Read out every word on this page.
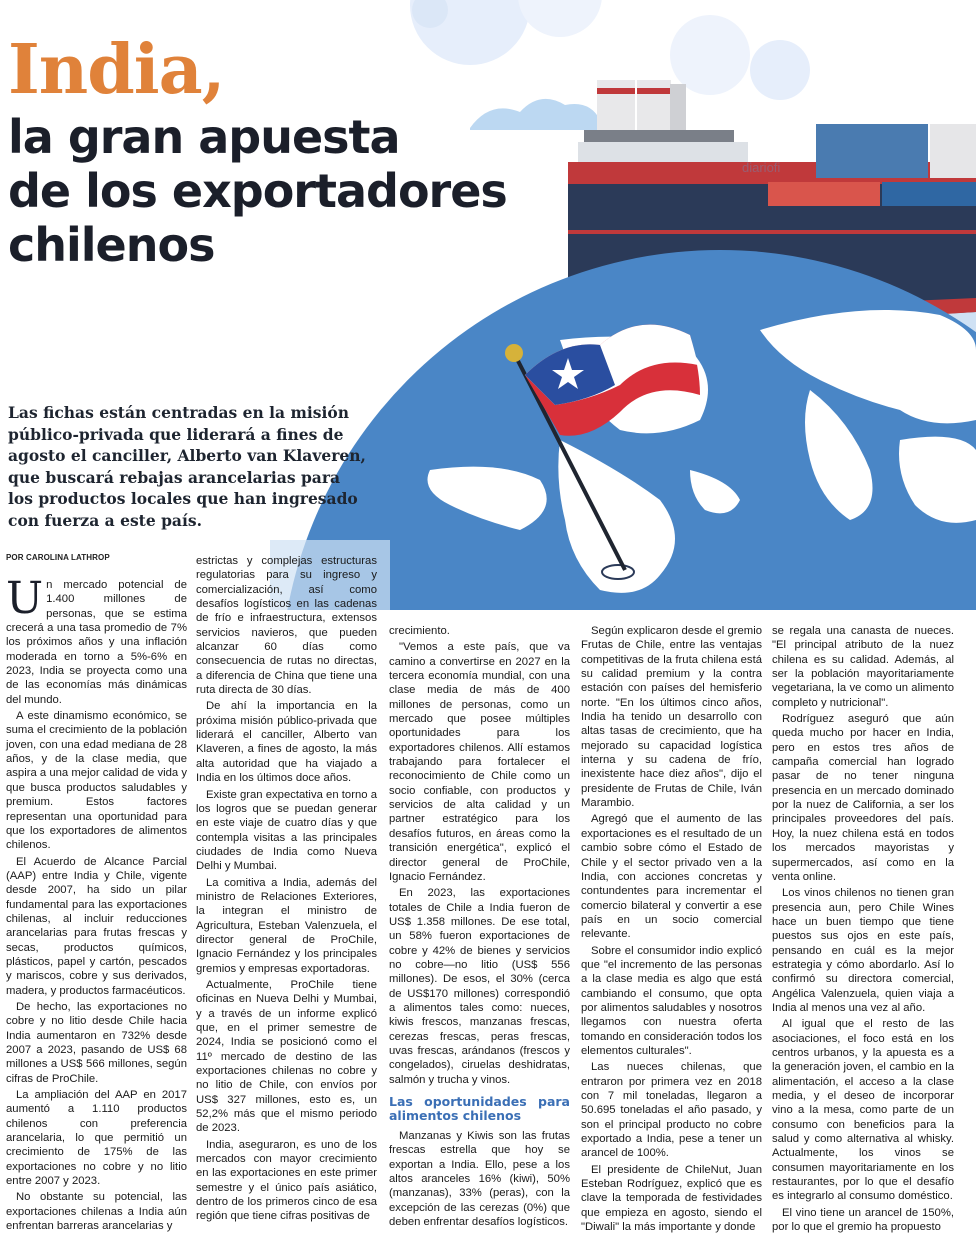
diariofi
India,
la gran apuesta
de los exportadores
chilenos

Las fichas están centradas en la misión público-privada que liderará a fines de agosto el canciller, Alberto van Klaveren, que buscará rebajas arancelarias para los productos locales que han ingresado con fuerza a este país.

POR CAROLINA LATHROP

Un mercado potencial de 1.400 millones de personas, que se estima crecerá a una tasa promedio de 7% los próximos años y una inflación moderada en torno a 5%-6% en 2023, India se proyecta como una de las economías más dinámicas del mundo.

A este dinamismo económico, se suma el crecimiento de la población joven, con una edad mediana de 28 años, y de la clase media, que aspira a una mejor calidad de vida y que busca productos saludables y premium. Estos factores representan una oportunidad para que los exportadores de alimentos chilenos.

El Acuerdo de Alcance Parcial (AAP) entre India y Chile, vigente desde 2007, ha sido un pilar fundamental para las exportaciones chilenas, al incluir reducciones arancelarias para frutas frescas y secas, productos químicos, plásticos, papel y cartón, pescados y mariscos, cobre y sus derivados, madera, y productos farmacéuticos.

De hecho, las exportaciones no cobre y no litio desde Chile hacia India aumentaron en 732% desde 2007 a 2023, pasando de US$ 68 millones a US$ 566 millones, según cifras de ProChile.

La ampliación del AAP en 2017 aumentó a 1.110 productos chilenos con preferencia arancelaria, lo que permitió un crecimiento de 175% de las exportaciones no cobre y no litio entre 2007 y 2023.

No obstante su potencial, las exportaciones chilenas a India aún enfrentan barreras arancelarias y

estrictas y complejas estructuras regulatorias para su ingreso y comercialización, así como desafíos logísticos en las cadenas de frío e infraestructura, extensos servicios navieros, que pueden alcanzar 60 días como consecuencia de rutas no directas, a diferencia de China que tiene una ruta directa de 30 días.

De ahí la importancia en la próxima misión público-privada que liderará el canciller, Alberto van Klaveren, a fines de agosto, la más alta autoridad que ha viajado a India en los últimos doce años.

Existe gran expectativa en torno a los logros que se puedan generar en este viaje de cuatro días y que contempla visitas a las principales ciudades de India como Nueva Delhi y Mumbai.

La comitiva a India, además del ministro de Relaciones Exteriores, la integran el ministro de Agricultura, Esteban Valenzuela, el director general de ProChile, Ignacio Fernández y los principales gremios y empresas exportadoras.

Actualmente, ProChile tiene oficinas en Nueva Delhi y Mumbai, y a través de un informe explicó que, en el primer semestre de 2024, India se posicionó como el 11º mercado de destino de las exportaciones chilenas no cobre y no litio de Chile, con envíos por US$ 327 millones, esto es, un 52,2% más que el mismo periodo de 2023.

India, aseguraron, es uno de los mercados con mayor crecimiento en las exportaciones en este primer semestre y el único país asiático, dentro de los primeros cinco de esa región que tiene cifras positivas de

crecimiento.

"Vemos a este país, que va camino a convertirse en 2027 en la tercera economía mundial, con una clase media de más de 400 millones de personas, como un mercado que posee múltiples oportunidades para los exportadores chilenos. Allí estamos trabajando para fortalecer el reconocimiento de Chile como un socio confiable, con productos y servicios de alta calidad y un partner estratégico para los desafíos futuros, en áreas como la transición energética", explicó el director general de ProChile, Ignacio Fernández.

En 2023, las exportaciones totales de Chile a India fueron de US$ 1.358 millones. De ese total, un 58% fueron exportaciones de cobre y 42% de bienes y servicios no cobre—no litio (US$ 556 millones). De esos, el 30% (cerca de US$170 millones) correspondió a alimentos tales como: nueces, kiwis frescos, manzanas frescas, cerezas frescas, peras frescas, uvas frescas, arándanos (frescos y congelados), ciruelas deshidratas, salmón y trucha y vinos.

Las oportunidades para alimentos chilenos

Manzanas y Kiwis son las frutas frescas estrella que hoy se exportan a India. Ello, pese a los altos aranceles 16% (kiwi), 50% (manzanas), 33% (peras), con la excepción de las cerezas (0%) que deben enfrentar desafíos logísticos.

Según explicaron desde el gremio Frutas de Chile, entre las ventajas competitivas de la fruta chilena está su calidad premium y la contra estación con países del hemisferio norte. "En los últimos cinco años, India ha tenido un desarrollo con altas tasas de crecimiento, que ha mejorado su capacidad logística interna y su cadena de frío, inexistente hace diez años", dijo el presidente de Frutas de Chile, Iván Marambio.

Agregó que el aumento de las exportaciones es el resultado de un cambio sobre cómo el Estado de Chile y el sector privado ven a la India, con acciones concretas y contundentes para incrementar el comercio bilateral y convertir a ese país en un socio comercial relevante.

Sobre el consumidor indio explicó que "el incremento de las personas a la clase media es algo que está cambiando el consumo, que opta por alimentos saludables y nosotros llegamos con nuestra oferta tomando en consideración todos los elementos culturales".

Las nueces chilenas, que entraron por primera vez en 2018 con 7 mil toneladas, llegaron a 50.695 toneladas el año pasado, y son el principal producto no cobre exportado a India, pese a tener un arancel de 100%.

El presidente de ChileNut, Juan Esteban Rodríguez, explicó que es clave la temporada de festividades que empieza en agosto, siendo el "Diwali" la más importante y donde

se regala una canasta de nueces. "El principal atributo de la nuez chilena es su calidad. Además, al ser la población mayoritariamente vegetariana, la ve como un alimento completo y nutricional".

Rodríguez aseguró que aún queda mucho por hacer en India, pero en estos tres años de campaña comercial han logrado pasar de no tener ninguna presencia en un mercado dominado por la nuez de California, a ser los principales proveedores del país. Hoy, la nuez chilena está en todos los mercados mayoristas y supermercados, así como en la venta online.

Los vinos chilenos no tienen gran presencia aun, pero Chile Wines hace un buen tiempo que tiene puestos sus ojos en este país, pensando en cuál es la mejor estrategia y cómo abordarlo. Así lo confirmó su directora comercial, Angélica Valenzuela, quien viaja a India al menos una vez al año.

Al igual que el resto de las asociaciones, el foco está en los centros urbanos, y la apuesta es a la generación joven, el cambio en la alimentación, el acceso a la clase media, y el deseo de incorporar vino a la mesa, como parte de un consumo con beneficios para la salud y como alternativa al whisky. Actualmente, los vinos se consumen mayoritariamente en los restaurantes, por lo que el desafío es integrarlo al consumo doméstico.

El vino tiene un arancel de 150%, por lo que el gremio ha propuesto
